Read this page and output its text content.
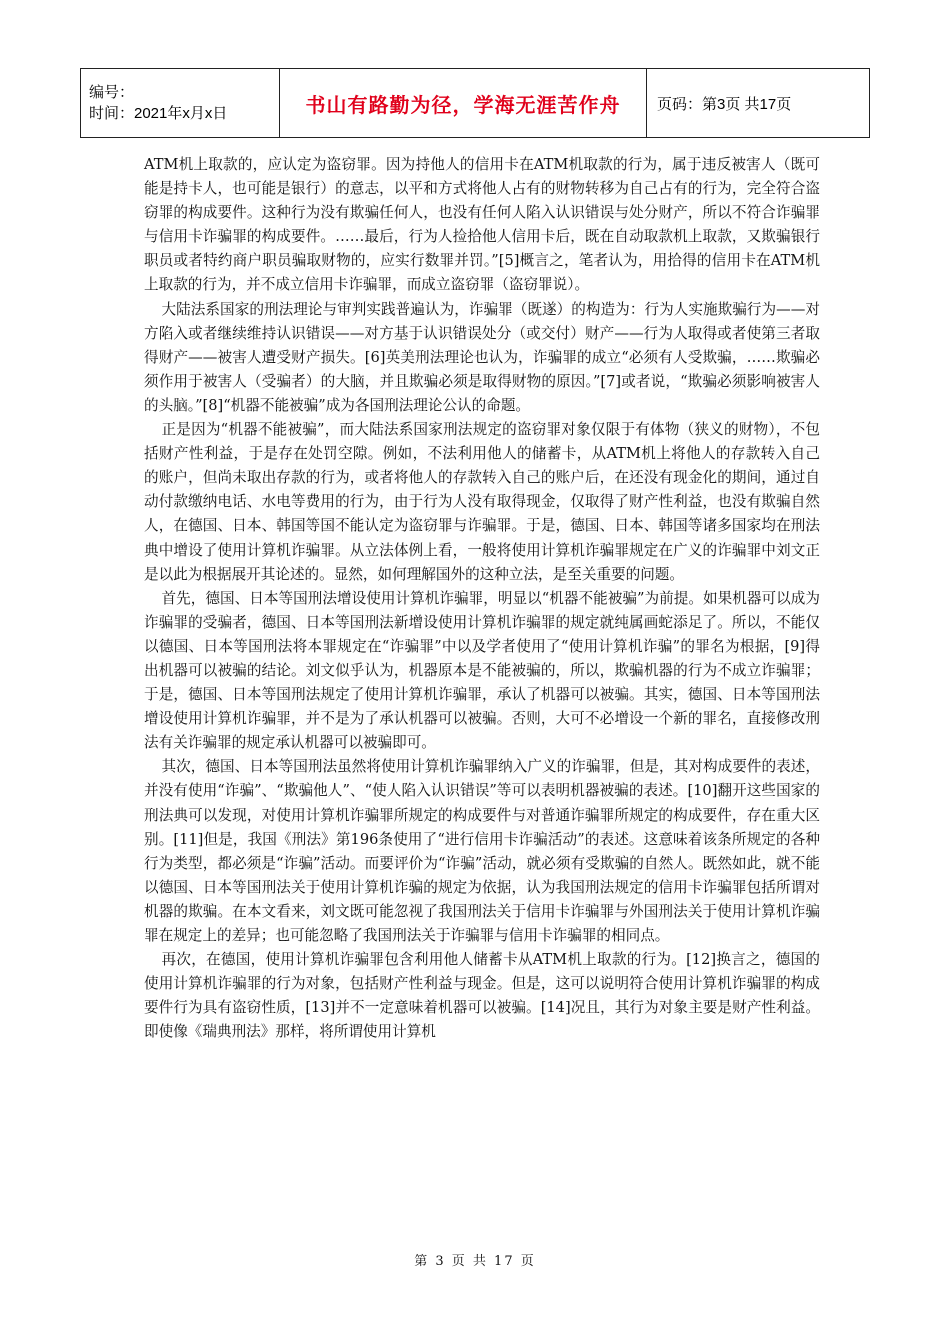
编号：
时间：2021年x月x日	书山有路勤为径，学海无涯苦作舟	页码：第3页 共17页

ATM机上取款的，应认定为盗窃罪。因为持他人的信用卡在ATM机取款的行为，属于违反被害人（既可能是持卡人，也可能是银行）的意志，以平和方式将他人占有的财物转移为自己占有的行为，完全符合盗窃罪的构成要件。这种行为没有欺骗任何人，也没有任何人陷入认识错误与处分财产，所以不符合诈骗罪与信用卡诈骗罪的构成要件。……最后，行为人捡拾他人信用卡后，既在自动取款机上取款，又欺骗银行职员或者特约商户职员骗取财物的，应实行数罪并罚。”[5]概言之，笔者认为，用拾得的信用卡在ATM机上取款的行为，并不成立信用卡诈骗罪，而成立盗窃罪（盗窃罪说）。

大陆法系国家的刑法理论与审判实践普遍认为，诈骗罪（既遂）的构造为：行为人实施欺骗行为——对方陷入或者继续维持认识错误——对方基于认识错误处分（或交付）财产——行为人取得或者使第三者取得财产——被害人遭受财产损失。[6]英美刑法理论也认为，诈骗罪的成立“必须有人受欺骗，……欺骗必须作用于被害人（受骗者）的大脑，并且欺骗必须是取得财物的原因。”[7]或者说，“欺骗必须影响被害人的头脑。”[8]“机器不能被骗”成为各国刑法理论公认的命题。

正是因为“机器不能被骗”，而大陆法系国家刑法规定的盗窃罪对象仅限于有体物（狭义的财物），不包括财产性利益，于是存在处罚空隙。例如，不法利用他人的储蓄卡，从ATM机上将他人的存款转入自己的账户，但尚未取出存款的行为，或者将他人的存款转入自己的账户后，在还没有现金化的期间，通过自动付款缴纳电话、水电等费用的行为，由于行为人没有取得现金，仅取得了财产性利益，也没有欺骗自然人，在德国、日本、韩国等国不能认定为盗窃罪与诈骗罪。于是，德国、日本、韩国等诸多国家均在刑法典中增设了使用计算机诈骗罪。从立法体例上看，一般将使用计算机诈骗罪规定在广义的诈骗罪中刘文正是以此为根据展开其论述的。显然，如何理解国外的这种立法，是至关重要的问题。

首先，德国、日本等国刑法增设使用计算机诈骗罪，明显以“机器不能被骗”为前提。如果机器可以成为诈骗罪的受骗者，德国、日本等国刑法新增设使用计算机诈骗罪的规定就纯属画蛇添足了。所以，不能仅以德国、日本等国刑法将本罪规定在“诈骗罪”中以及学者使用了“使用计算机诈骗”的罪名为根据，[9]得出机器可以被骗的结论。刘文似乎认为，机器原本是不能被骗的，所以，欺骗机器的行为不成立诈骗罪；于是，德国、日本等国刑法规定了使用计算机诈骗罪，承认了机器可以被骗。其实，德国、日本等国刑法增设使用计算机诈骗罪，并不是为了承认机器可以被骗。否则，大可不必增设一个新的罪名，直接修改刑法有关诈骗罪的规定承认机器可以被骗即可。

其次，德国、日本等国刑法虽然将使用计算机诈骗罪纳入广义的诈骗罪，但是，其对构成要件的表述，并没有使用“诈骗”、“欺骗他人”、“使人陷入认识错误”等可以表明机器被骗的表述。[10]翻开这些国家的刑法典可以发现，对使用计算机诈骗罪所规定的构成要件与对普通诈骗罪所规定的构成要件，存在重大区别。[11]但是，我国《刑法》第196条使用了“进行信用卡诈骗活动”的表述。这意味着该条所规定的各种行为类型，都必须是“诈骗”活动。而要评价为“诈骗”活动，就必须有受欺骗的自然人。既然如此，就不能以德国、日本等国刑法关于使用计算机诈骗的规定为依据，认为我国刑法规定的信用卡诈骗罪包括所谓对机器的欺骗。在本文看来，刘文既可能忽视了我国刑法关于信用卡诈骗罪与外国刑法关于使用计算机诈骗罪在规定上的差异；也可能忽略了我国刑法关于诈骗罪与信用卡诈骗罪的相同点。

再次，在德国，使用计算机诈骗罪包含利用他人储蓄卡从ATM机上取款的行为。[12]换言之，德国的使用计算机诈骗罪的行为对象，包括财产性利益与现金。但是，这可以说明符合使用计算机诈骗罪的构成要件行为具有盗窃性质，[13]并不一定意味着机器可以被骗。[14]况且，其行为对象主要是财产性利益。即使像《瑞典刑法》那样，将所谓使用计算机

第 3 页 共 17 页
